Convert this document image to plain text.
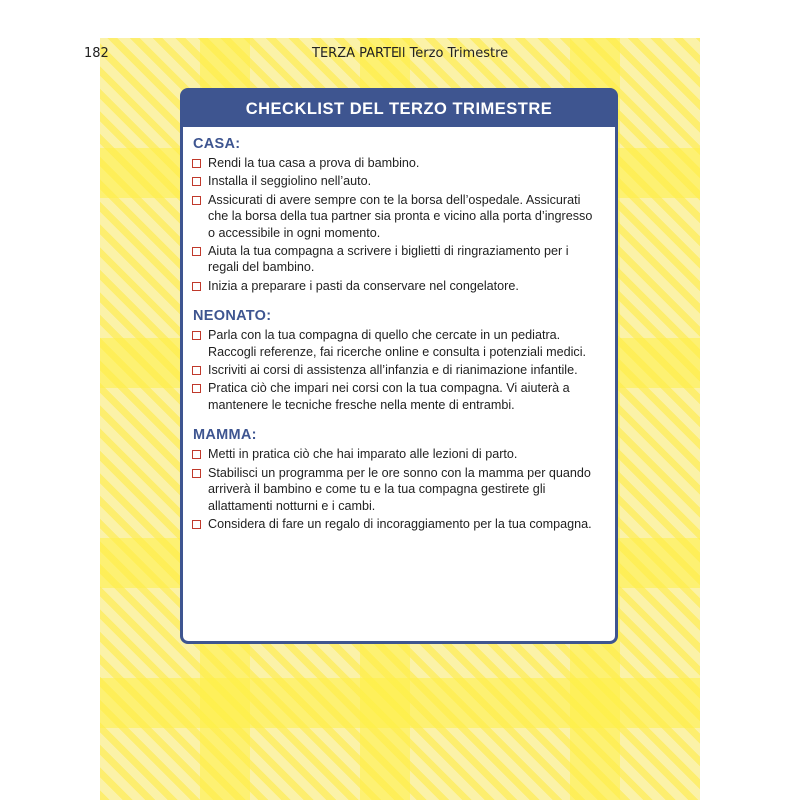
182	TERZA PARTE
Il Terzo Trimestre
CHECKLIST DEL TERZO TRIMESTRE
CASA:
Rendi la tua casa a prova di bambino.
Installa il seggiolino nell’auto.
Assicurati di avere sempre con te la borsa dell’ospedale. Assicurati che la borsa della tua partner sia pronta e vicino alla porta d’ingresso o accessibile in ogni momento.
Aiuta la tua compagna a scrivere i biglietti di ringraziamento per i regali del bambino.
Inizia a preparare i pasti da conservare nel congelatore.
NEONATO:
Parla con la tua compagna di quello che cercate in un pediatra. Raccogli referenze, fai ricerche online e consulta i potenziali medici.
Iscriviti ai corsi di assistenza all’infanzia e di rianimazione infantile.
Pratica ciò che impari nei corsi con la tua compagna. Vi aiuterà a mantenere le tecniche fresche nella mente di entrambi.
MAMMA:
Metti in pratica ciò che hai imparato alle lezioni di parto.
Stabilisci un programma per le ore sonno con la mamma per quando arriverà il bambino e come tu e la tua compagna gestirete gli allattamenti notturni e i cambi.
Considera di fare un regalo di incoraggiamento per la tua compagna.
